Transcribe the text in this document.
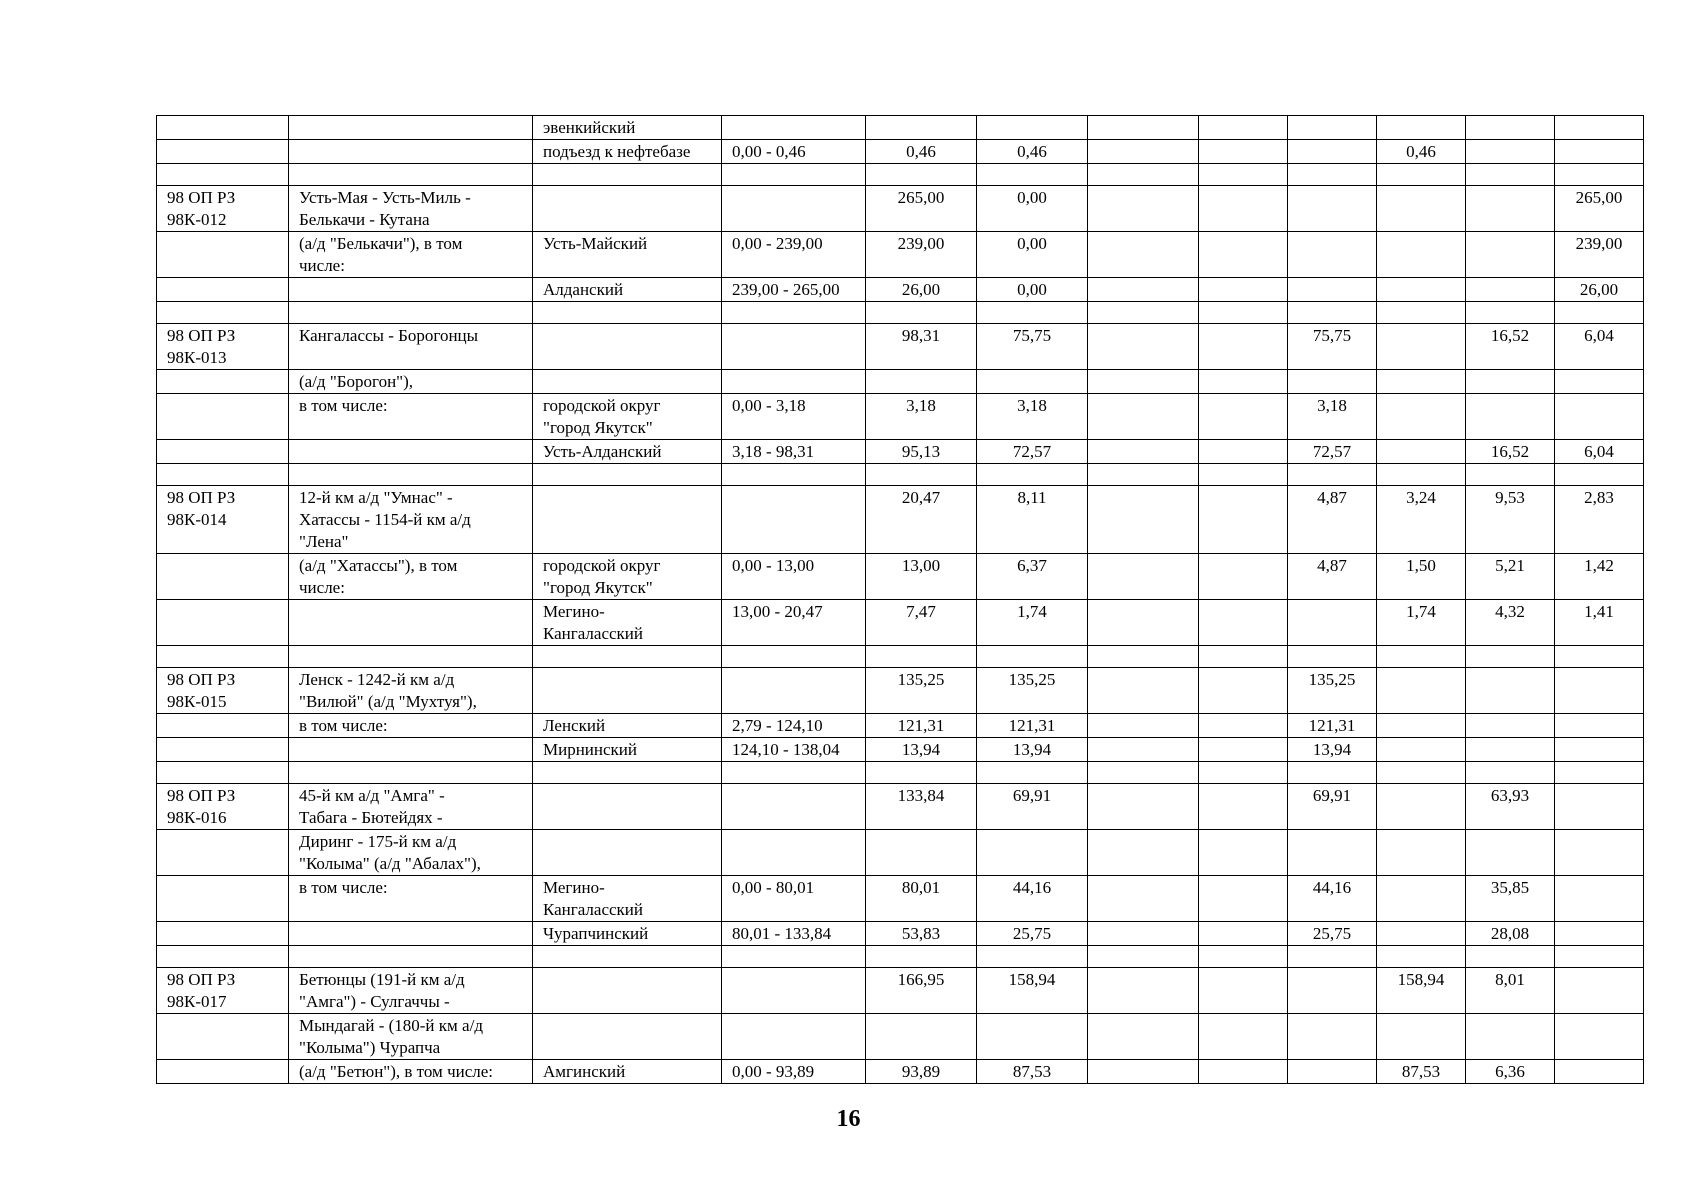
		эвенкийский									
		подъезд к нефтебазе	0,00 - 0,46	0,46	0,46				0,46		

98 ОП РЗ
98К-012	Усть-Мая - Усть-Миль -
Белькачи - Кутана			265,00	0,00						265,00
	(а/д "Белькачи"), в том
числе:	Усть-Майский	0,00 - 239,00	239,00	0,00						239,00
		Алданский	239,00 - 265,00	26,00	0,00						26,00

98 ОП РЗ
98К-013	Кангалассы - Борогонцы			98,31	75,75			75,75		16,52	6,04
	(а/д "Борогон"),										
	в том числе:	городской округ
"город Якутск"	0,00 - 3,18	3,18	3,18			3,18			
		Усть-Алданский	3,18 - 98,31	95,13	72,57			72,57		16,52	6,04

98 ОП РЗ
98К-014	12-й км а/д "Умнас" -
Хатассы - 1154-й км а/д
"Лена"			20,47	8,11			4,87	3,24	9,53	2,83
	(а/д "Хатассы"), в том
числе:	городской округ
"город Якутск"	0,00 - 13,00	13,00	6,37			4,87	1,50	5,21	1,42
		Мегино-
Кангаласский	13,00 - 20,47	7,47	1,74				1,74	4,32	1,41

98 ОП РЗ
98К-015	Ленск - 1242-й км а/д
"Вилюй" (а/д "Мухтуя"),			135,25	135,25			135,25			
	в том числе:	Ленский	2,79 - 124,10	121,31	121,31			121,31			
		Мирнинский	124,10 - 138,04	13,94	13,94			13,94			

98 ОП РЗ
98К-016	45-й км а/д "Амга" -
Табага - Бютейдях -			133,84	69,91			69,91		63,93	
	Диринг - 175-й км а/д
"Колыма" (а/д "Абалах"),										
	в том числе:	Мегино-
Кангаласский	0,00 - 80,01	80,01	44,16			44,16		35,85	
		Чурапчинский	80,01 - 133,84	53,83	25,75			25,75		28,08	

98 ОП РЗ
98К-017	Бетюнцы (191-й км а/д
"Амга") - Сулгаччы -			166,95	158,94				158,94	8,01	
	Мындагай - (180-й км а/д
"Колыма") Чурапча										
	(а/д "Бетюн"), в том числе:	Амгинский	0,00 - 93,89	93,89	87,53				87,53	6,36	
16
